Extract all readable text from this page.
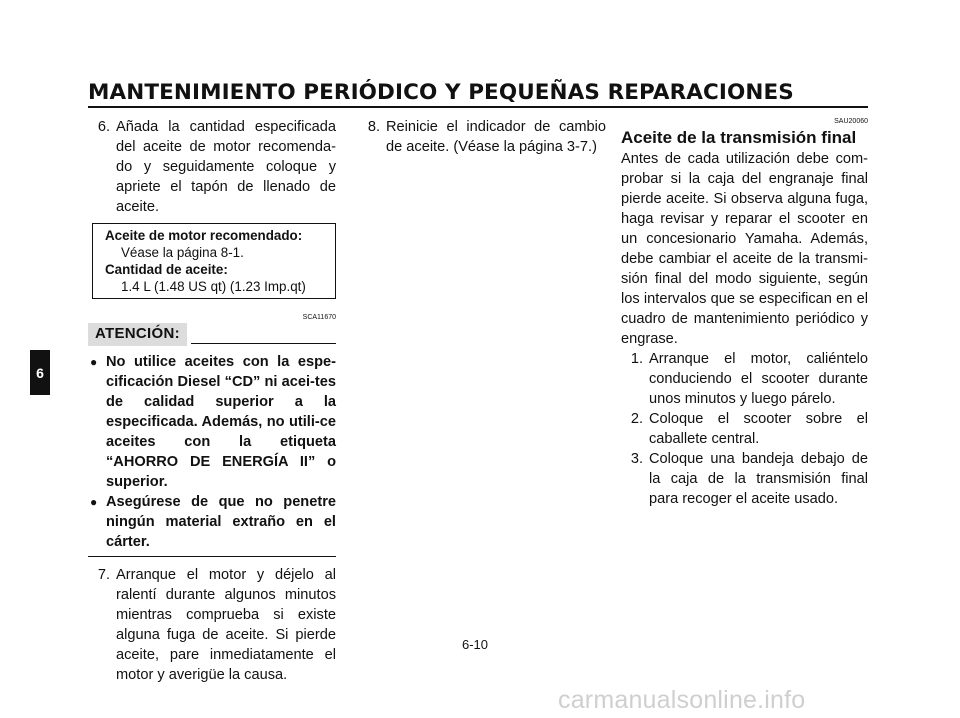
MANTENIMIENTO PERIÓDICO Y PEQUEÑAS REPARACIONES
6
6. Añada la cantidad especificada del aceite de motor recomenda-do y seguidamente coloque y apriete el tapón de llenado de aceite.
Aceite de motor recomendado:
Véase la página 8-1.
Cantidad de aceite:
1.4 L (1.48 US qt) (1.23 Imp.qt)
SCA11670
ATENCIÓN:
● No utilice aceites con la espe-cificación Diesel “CD” ni acei-tes de calidad superior a la especificada. Además, no utili-ce aceites con la etiqueta “AHORRO DE ENERGÍA II” o superior.
● Asegúrese de que no penetre ningún material extraño en el cárter.
7. Arranque el motor y déjelo al ralentí durante algunos minutos mientras comprueba si existe alguna fuga de aceite. Si pierde aceite, pare inmediatamente el motor y averigüe la causa.
8. Reinicie el indicador de cambio de aceite. (Véase la página 3-7.)
SAU20060
Aceite de la transmisión final
Antes de cada utilización debe com-probar si la caja del engranaje final pierde aceite. Si observa alguna fuga, haga revisar y reparar el scooter en un concesionario Yamaha. Además, debe cambiar el aceite de la transmi-sión final del modo siguiente, según los intervalos que se especifican en el cuadro de mantenimiento periódico y engrase.
1. Arranque el motor, caliéntelo conduciendo el scooter durante unos minutos y luego párelo.
2. Coloque el scooter sobre el caballete central.
3. Coloque una bandeja debajo de la caja de la transmisión final para recoger el aceite usado.
6-10
carmanualsonline.info
